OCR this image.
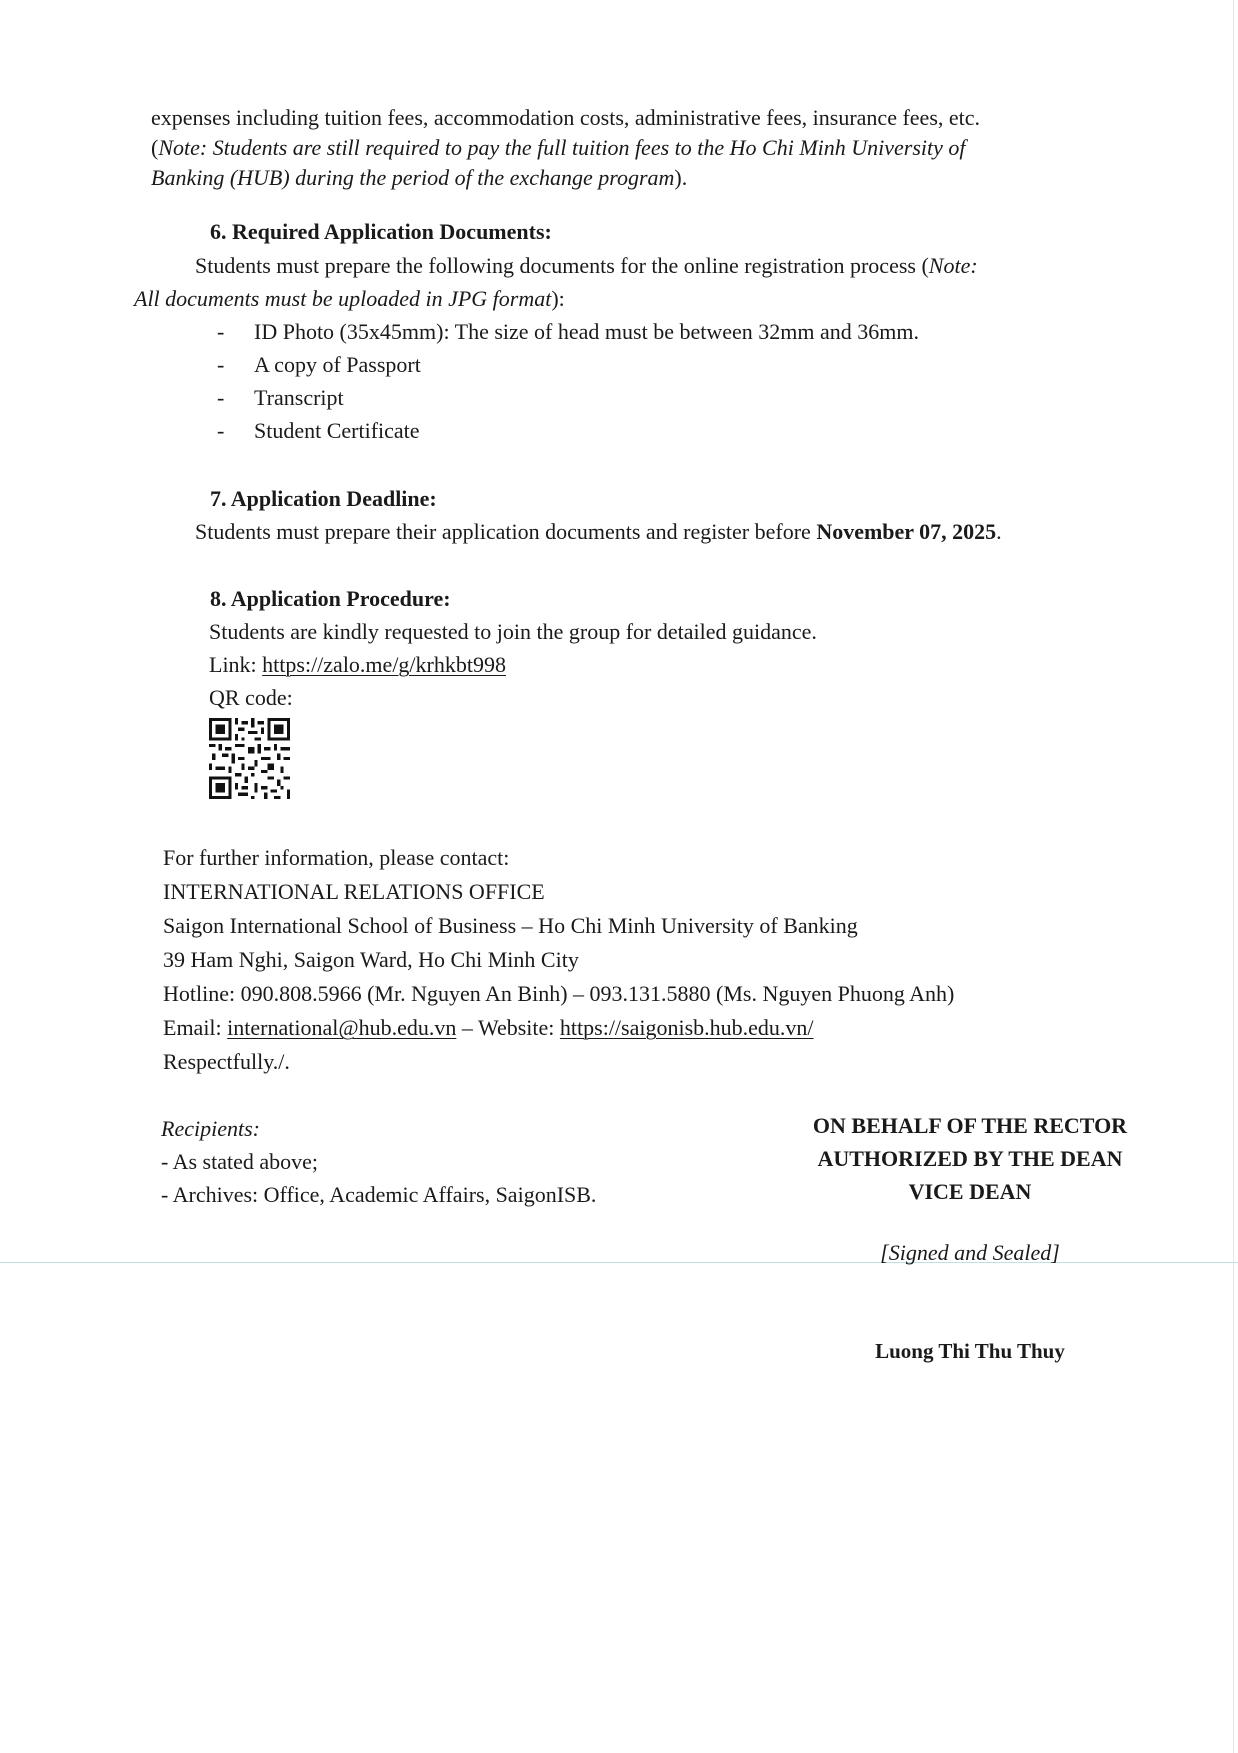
expenses including tuition fees, accommodation costs, administrative fees, insurance fees, etc.
(Note: Students are still required to pay the full tuition fees to the Ho Chi Minh University of
Banking (HUB) during the period of the exchange program).
6. Required Application Documents:
Students must prepare the following documents for the online registration process (Note:
All documents must be uploaded in JPG format):
- ID Photo (35x45mm): The size of head must be between 32mm and 36mm.
- A copy of Passport
- Transcript
- Student Certificate
7. Application Deadline:
Students must prepare their application documents and register before November 07, 2025.
8. Application Procedure:
Students are kindly requested to join the group for detailed guidance.
Link: https://zalo.me/g/krhkbt998
QR code:
For further information, please contact:
INTERNATIONAL RELATIONS OFFICE
Saigon International School of Business – Ho Chi Minh University of Banking
39 Ham Nghi, Saigon Ward, Ho Chi Minh City
Hotline: 090.808.5966 (Mr. Nguyen An Binh) – 093.131.5880 (Ms. Nguyen Phuong Anh)
Email: international@hub.edu.vn – Website: https://saigonisb.hub.edu.vn/
Respectfully./.
Recipients:
- As stated above;
- Archives: Office, Academic Affairs, SaigonISB.
ON BEHALF OF THE RECTOR
AUTHORIZED BY THE DEAN
VICE DEAN
[Signed and Sealed]
Luong Thi Thu Thuy
